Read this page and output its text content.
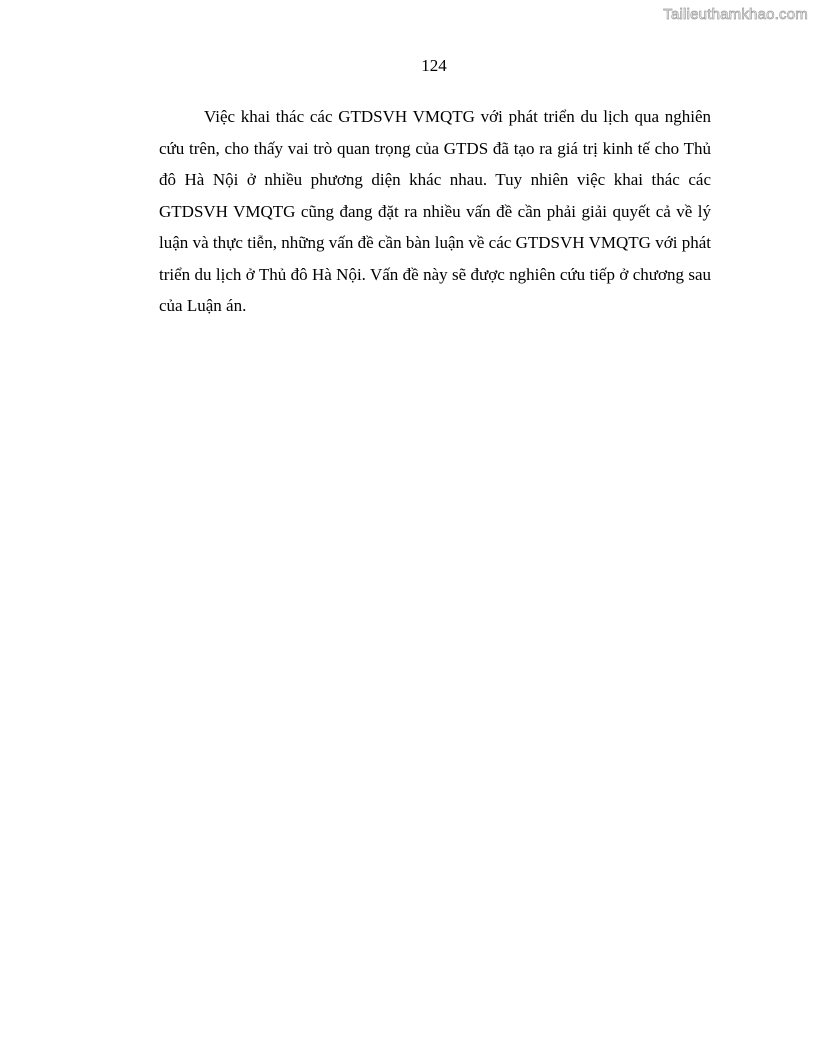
Tailieuthamkhao.com
124

Việc khai thác các GTDSVH VMQTG với phát triển du lịch qua nghiên cứu trên, cho thấy vai trò quan trọng của GTDS đã tạo ra giá trị kinh tế cho Thủ đô Hà Nội ở nhiều phương diện khác nhau. Tuy nhiên việc khai thác các GTDSVH VMQTG cũng đang đặt ra nhiều vấn đề cần phải giải quyết cả về lý luận và thực tiễn, những vấn đề cần bàn luận về các GTDSVH VMQTG với phát triển du lịch ở Thủ đô Hà Nội. Vấn đề này sẽ được nghiên cứu tiếp ở chương sau của Luận án.
